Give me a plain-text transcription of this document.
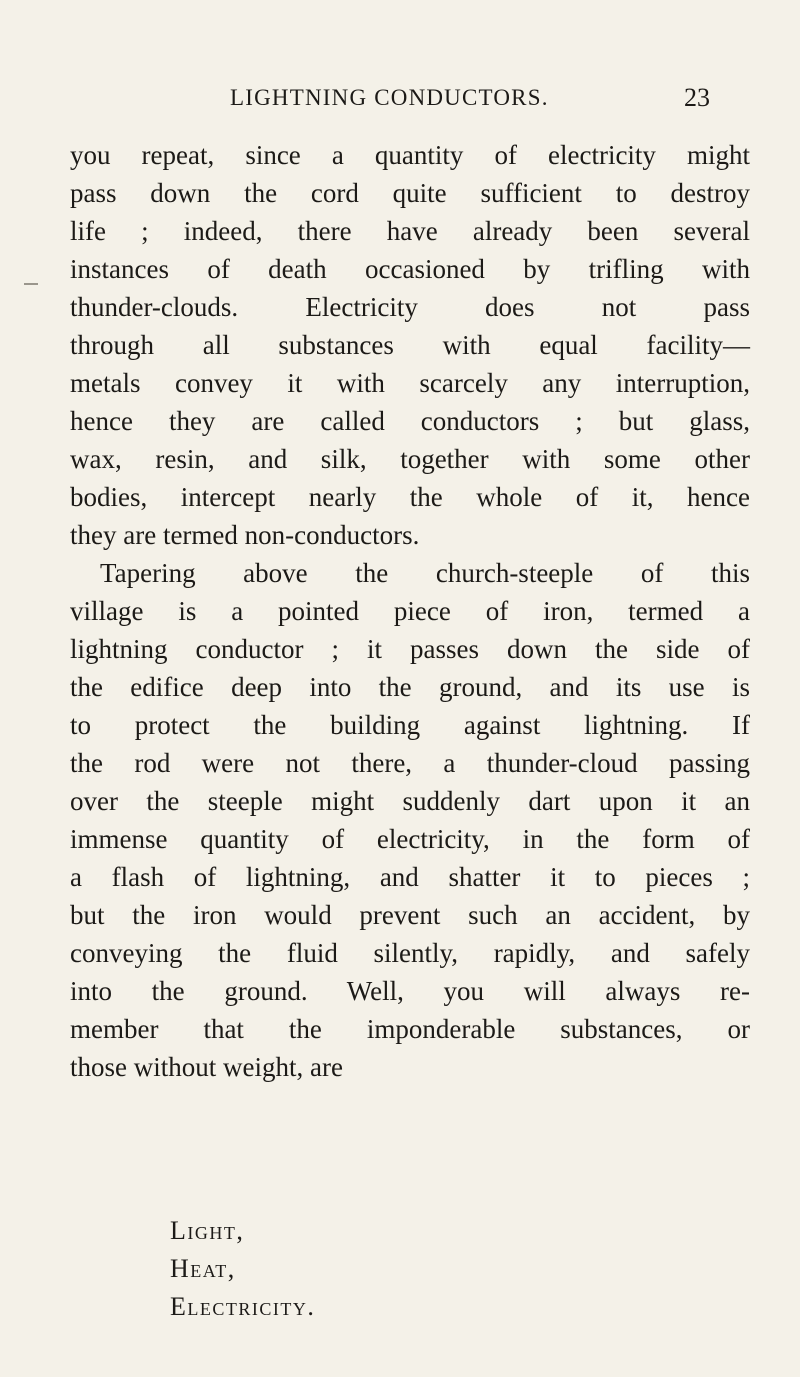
LIGHTNING CONDUCTORS.	23
you repeat, since a quantity of electricity might
pass down the cord quite sufficient to destroy
life ; indeed, there have already been several
instances of death occasioned by trifling with
thunder-clouds. Electricity does not pass
through all substances with equal facility—
metals convey it with scarcely any interruption,
hence they are called conductors ; but glass,
wax, resin, and silk, together with some other
bodies, intercept nearly the whole of it, hence
they are termed non-conductors.
Tapering above the church-steeple of this
village is a pointed piece of iron, termed a
lightning conductor ; it passes down the side of
the edifice deep into the ground, and its use is
to protect the building against lightning. If
the rod were not there, a thunder-cloud passing
over the steeple might suddenly dart upon it an
immense quantity of electricity, in the form of
a flash of lightning, and shatter it to pieces ;
but the iron would prevent such an accident, by
conveying the fluid silently, rapidly, and safely
into the ground. Well, you will always re-
member that the imponderable substances, or
those without weight, are
Light,
Heat,
Electricity.
